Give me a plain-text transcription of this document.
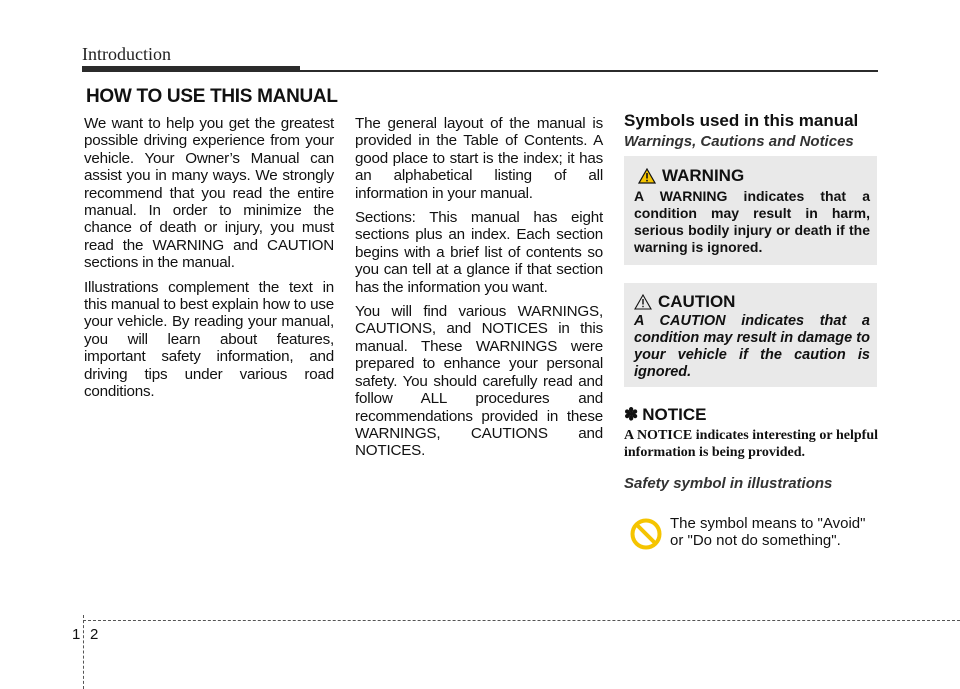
Introduction
HOW TO USE THIS MANUAL

We want to help you get the greatest possible driving experience from your vehicle. Your Owner’s Manual can assist you in many ways. We strongly recommend that you read the entire manual. In order to minimize the chance of death or injury, you must read the WARNING and CAUTION sections in the manual.

Illustrations complement the text in this manual to best explain how to use your vehicle. By reading your manual, you will learn about features, important safety information, and driving tips under various road conditions.

The general layout of the manual is provided in the Table of Contents. A good place to start is the index; it has an alphabetical listing of all information in your manual.

Sections: This manual has eight sections plus an index. Each section begins with a brief list of contents so you can tell at a glance if that section has the information you want.

You will find various WARNINGS, CAUTIONS, and NOTICES in this manual. These WARNINGS were prepared to enhance your personal safety. You should carefully read and follow ALL procedures and recommendations provided in these WARNINGS, CAUTIONS and NOTICES.

Symbols used in this manual
Warnings, Cautions and Notices
WARNING
A WARNING indicates that a condition may result in harm, serious bodily injury or death if the warning is ignored.
CAUTION
A CAUTION indicates that a condition may result in damage to your vehicle if the caution is ignored.
✽ NOTICE
A NOTICE indicates interesting or helpful information is being provided.
Safety symbol in illustrations
The symbol means to "Avoid" or "Do not do something".
1 2
